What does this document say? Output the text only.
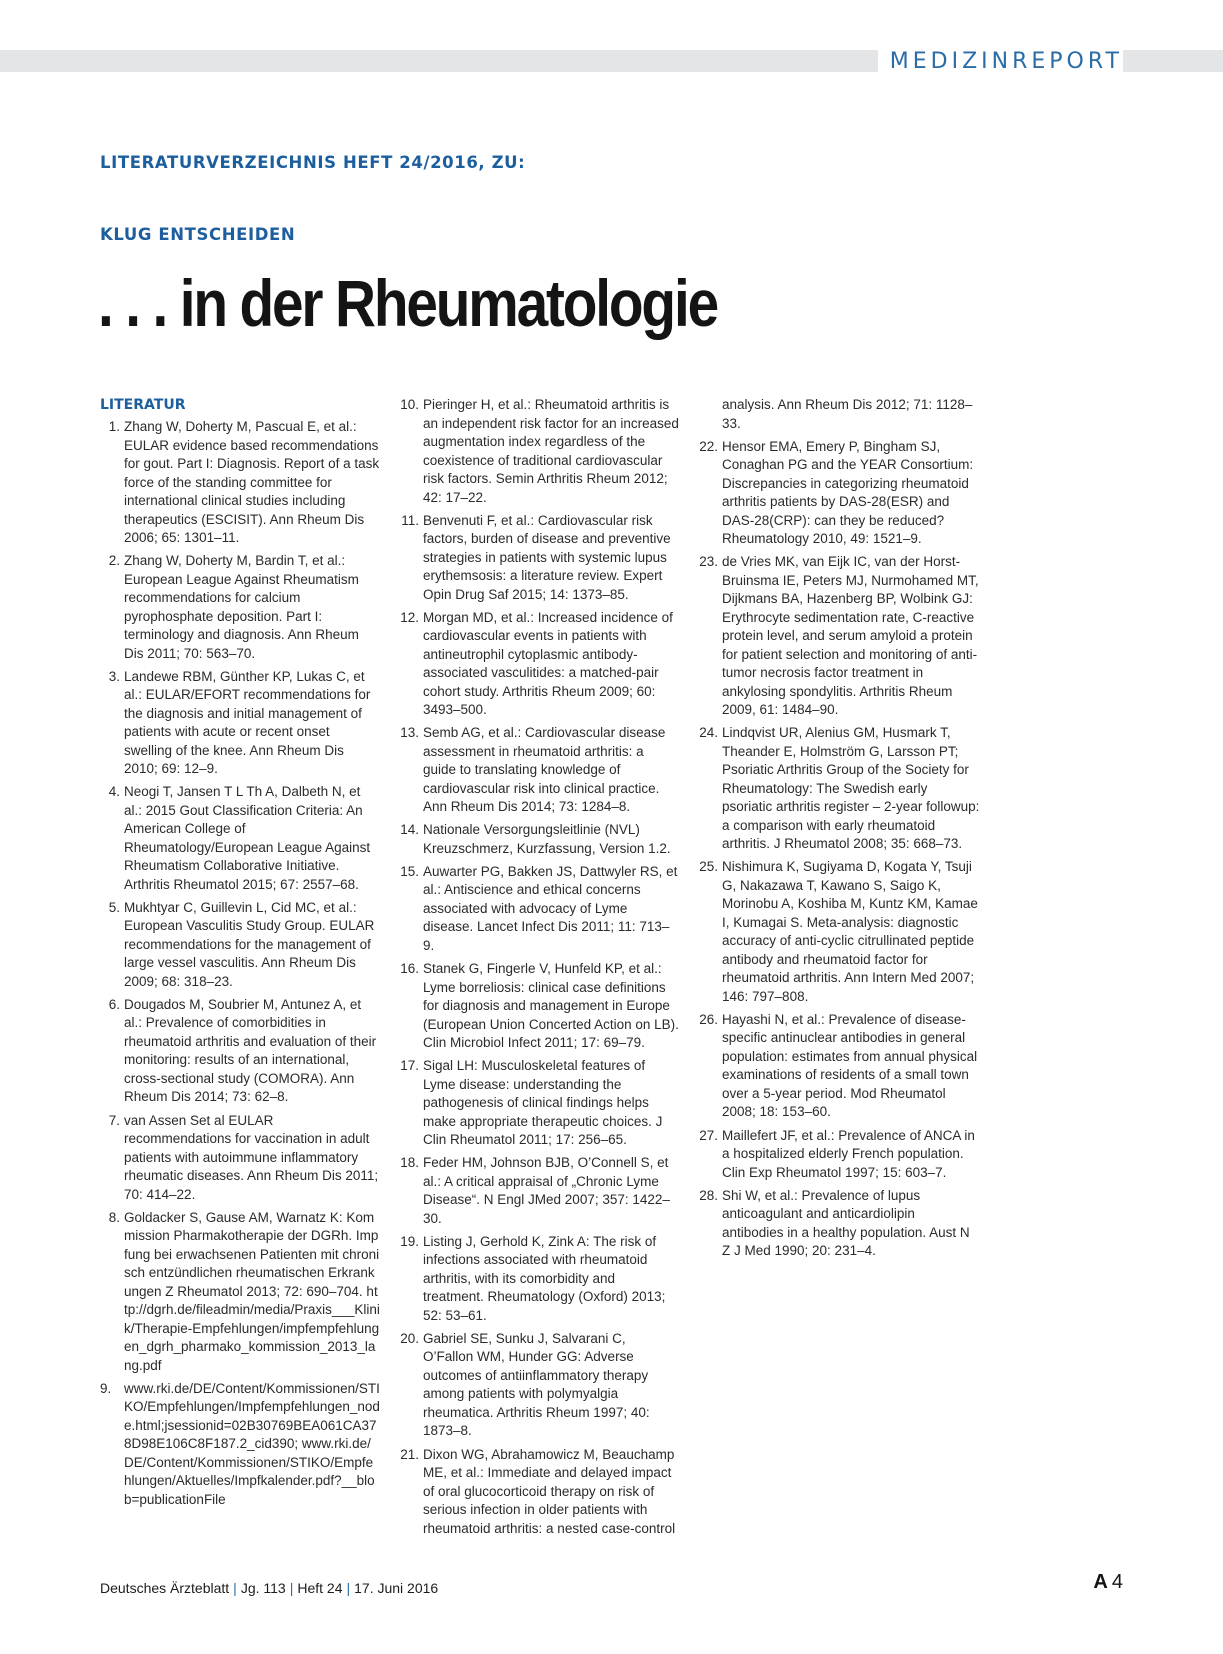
MEDIZINREPORT
LITERATURVERZEICHNIS HEFT 24/2016, ZU:
KLUG ENTSCHEIDEN
. . . in der Rheumatologie
LITERATUR
1. Zhang W, Doherty M, Pascual E, et al.: EULAR evidence based recommendations for gout. Part I: Diagnosis. Report of a task force of the standing committee for international clinical studies including therapeutics (ESCISIT). Ann Rheum Dis 2006; 65: 1301–11.
2. Zhang W, Doherty M, Bardin T, et al.: European League Against Rheumatism recommendations for calcium pyrophosphate deposition. Part I: terminology and diagnosis. Ann Rheum Dis 2011; 70: 563–70.
3. Landewe RBM, Günther KP, Lukas C, et al.: EULAR/EFORT recommendations for the diagnosis and initial management of patients with acute or recent onset swelling of the knee. Ann Rheum Dis 2010; 69: 12–9.
4. Neogi T, Jansen T L Th A, Dalbeth N, et al.: 2015 Gout Classification Criteria: An American College of Rheumatology/European League Against Rheumatism Collaborative Initiative. Arthritis Rheumatol 2015; 67: 2557–68.
5. Mukhtyar C, Guillevin L, Cid MC, et al.: European Vasculitis Study Group. EULAR recommendations for the management of large vessel vasculitis. Ann Rheum Dis 2009; 68: 318–23.
6. Dougados M, Soubrier M, Antunez A, et al.: Prevalence of comorbidities in rheumatoid arthritis and evaluation of their monitoring: results of an international, cross-sectional study (COMORA). Ann Rheum Dis 2014; 73: 62–8.
7. van Assen Set al EULAR recommendations for vaccination in adult patients with autoimmune inflammatory rheumatic diseases. Ann Rheum Dis 2011; 70: 414–22.
8. Goldacker S, Gause AM, Warnatz K: Kommission Pharmakotherapie der DGRh. Impfung bei erwachsenen Patienten mit chronisch entzündlichen rheumatischen Erkrankungen Z Rheumatol 2013; 72: 690–704. http://dgrh.de/fileadmin/media/Praxis___Klinik/Therapie-Empfehlungen/impfempfehlungen_dgrh_pharmako_kommission_2013_lang.pdf
9. www.rki.de/DE/Content/Kommissionen/STIKO/Empfehlungen/Impfempfehlungen_node.html;jsessionid=02B30769BEA061CA378D98E106C8F187.2_cid390; www.rki.de/DE/Content/Kommissionen/STIKO/Empfehlungen/Aktuelles/Impfkalender.pdf?__blob=publicationFile
10. Pieringer H, et al.: Rheumatoid arthritis is an independent risk factor for an increased augmentation index regardless of the coexistence of traditional cardiovascular risk factors. Semin Arthritis Rheum 2012; 42: 17–22.
11. Benvenuti F, et al.: Cardiovascular risk factors, burden of disease and preventive strategies in patients with systemic lupus erythemsosis: a literature review. Expert Opin Drug Saf 2015; 14: 1373–85.
12. Morgan MD, et al.: Increased incidence of cardiovascular events in patients with antineutrophil cytoplasmic antibody-associated vasculitides: a matched-pair cohort study. Arthritis Rheum 2009; 60: 3493–500.
13. Semb AG, et al.: Cardiovascular disease assessment in rheumatoid arthritis: a guide to translating knowledge of cardiovascular risk into clinical practice. Ann Rheum Dis 2014; 73: 1284–8.
14. Nationale Versorgungsleitlinie (NVL) Kreuzschmerz, Kurzfassung, Version 1.2.
15. Auwarter PG, Bakken JS, Dattwyler RS, et al.: Antiscience and ethical concerns associated with advocacy of Lyme disease. Lancet Infect Dis 2011; 11: 713–9.
16. Stanek G, Fingerle V, Hunfeld KP, et al.: Lyme borreliosis: clinical case definitions for diagnosis and management in Europe (European Union Concerted Action on LB). Clin Microbiol Infect 2011; 17: 69–79.
17. Sigal LH: Musculoskeletal features of Lyme disease: understanding the pathogenesis of clinical findings helps make appropriate therapeutic choices. J Clin Rheumatol 2011; 17: 256–65.
18. Feder HM, Johnson BJB, O’Connell S, et al.: A critical appraisal of „Chronic Lyme Disease“. N Engl JMed 2007; 357: 1422–30.
19. Listing J, Gerhold K, Zink A: The risk of infections associated with rheumatoid arthritis, with its comorbidity and treatment. Rheumatology (Oxford) 2013; 52: 53–61.
20. Gabriel SE, Sunku J, Salvarani C, O’Fallon WM, Hunder GG: Adverse outcomes of antiinflammatory therapy among patients with polymyalgia rheumatica. Arthritis Rheum 1997; 40: 1873–8.
21. Dixon WG, Abrahamowicz M, Beauchamp ME, et al.: Immediate and delayed impact of oral glucocorticoid therapy on risk of serious infection in older patients with rheumatoid arthritis: a nested case-control
analysis. Ann Rheum Dis 2012; 71: 1128–33.
22. Hensor EMA, Emery P, Bingham SJ, Conaghan PG and the YEAR Consortium: Discrepancies in categorizing rheumatoid arthritis patients by DAS-28(ESR) and DAS-28(CRP): can they be reduced? Rheumatology 2010, 49: 1521–9.
23. de Vries MK, van Eijk IC, van der Horst-Bruinsma IE, Peters MJ, Nurmohamed MT, Dijkmans BA, Hazenberg BP, Wolbink GJ: Erythrocyte sedimentation rate, C-reactive protein level, and serum amyloid a protein for patient selection and monitoring of anti-tumor necrosis factor treatment in ankylosing spondylitis. Arthritis Rheum 2009, 61: 1484–90.
24. Lindqvist UR, Alenius GM, Husmark T, Theander E, Holmström G, Larsson PT; Psoriatic Arthritis Group of the Society for Rheumatology: The Swedish early psoriatic arthritis register – 2-year followup: a comparison with early rheumatoid arthritis. J Rheumatol 2008; 35: 668–73.
25. Nishimura K, Sugiyama D, Kogata Y, Tsuji G, Nakazawa T, Kawano S, Saigo K, Morinobu A, Koshiba M, Kuntz KM, Kamae I, Kumagai S. Meta-analysis: diagnostic accuracy of anti-cyclic citrullinated peptide antibody and rheumatoid factor for rheumatoid arthritis. Ann Intern Med 2007; 146: 797–808.
26. Hayashi N, et al.: Prevalence of disease-specific antinuclear antibodies in general population: estimates from annual physical examinations of residents of a small town over a 5-year period. Mod Rheumatol 2008; 18: 153–60.
27. Maillefert JF, et al.: Prevalence of ANCA in a hospitalized elderly French population. Clin Exp Rheumatol 1997; 15: 603–7.
28. Shi W, et al.: Prevalence of lupus anticoagulant and anticardiolipin antibodies in a healthy population. Aust N Z J Med 1990; 20: 231–4.
Deutsches Ärzteblatt | Jg. 113 | Heft 24 | 17. Juni 2016	A 4
